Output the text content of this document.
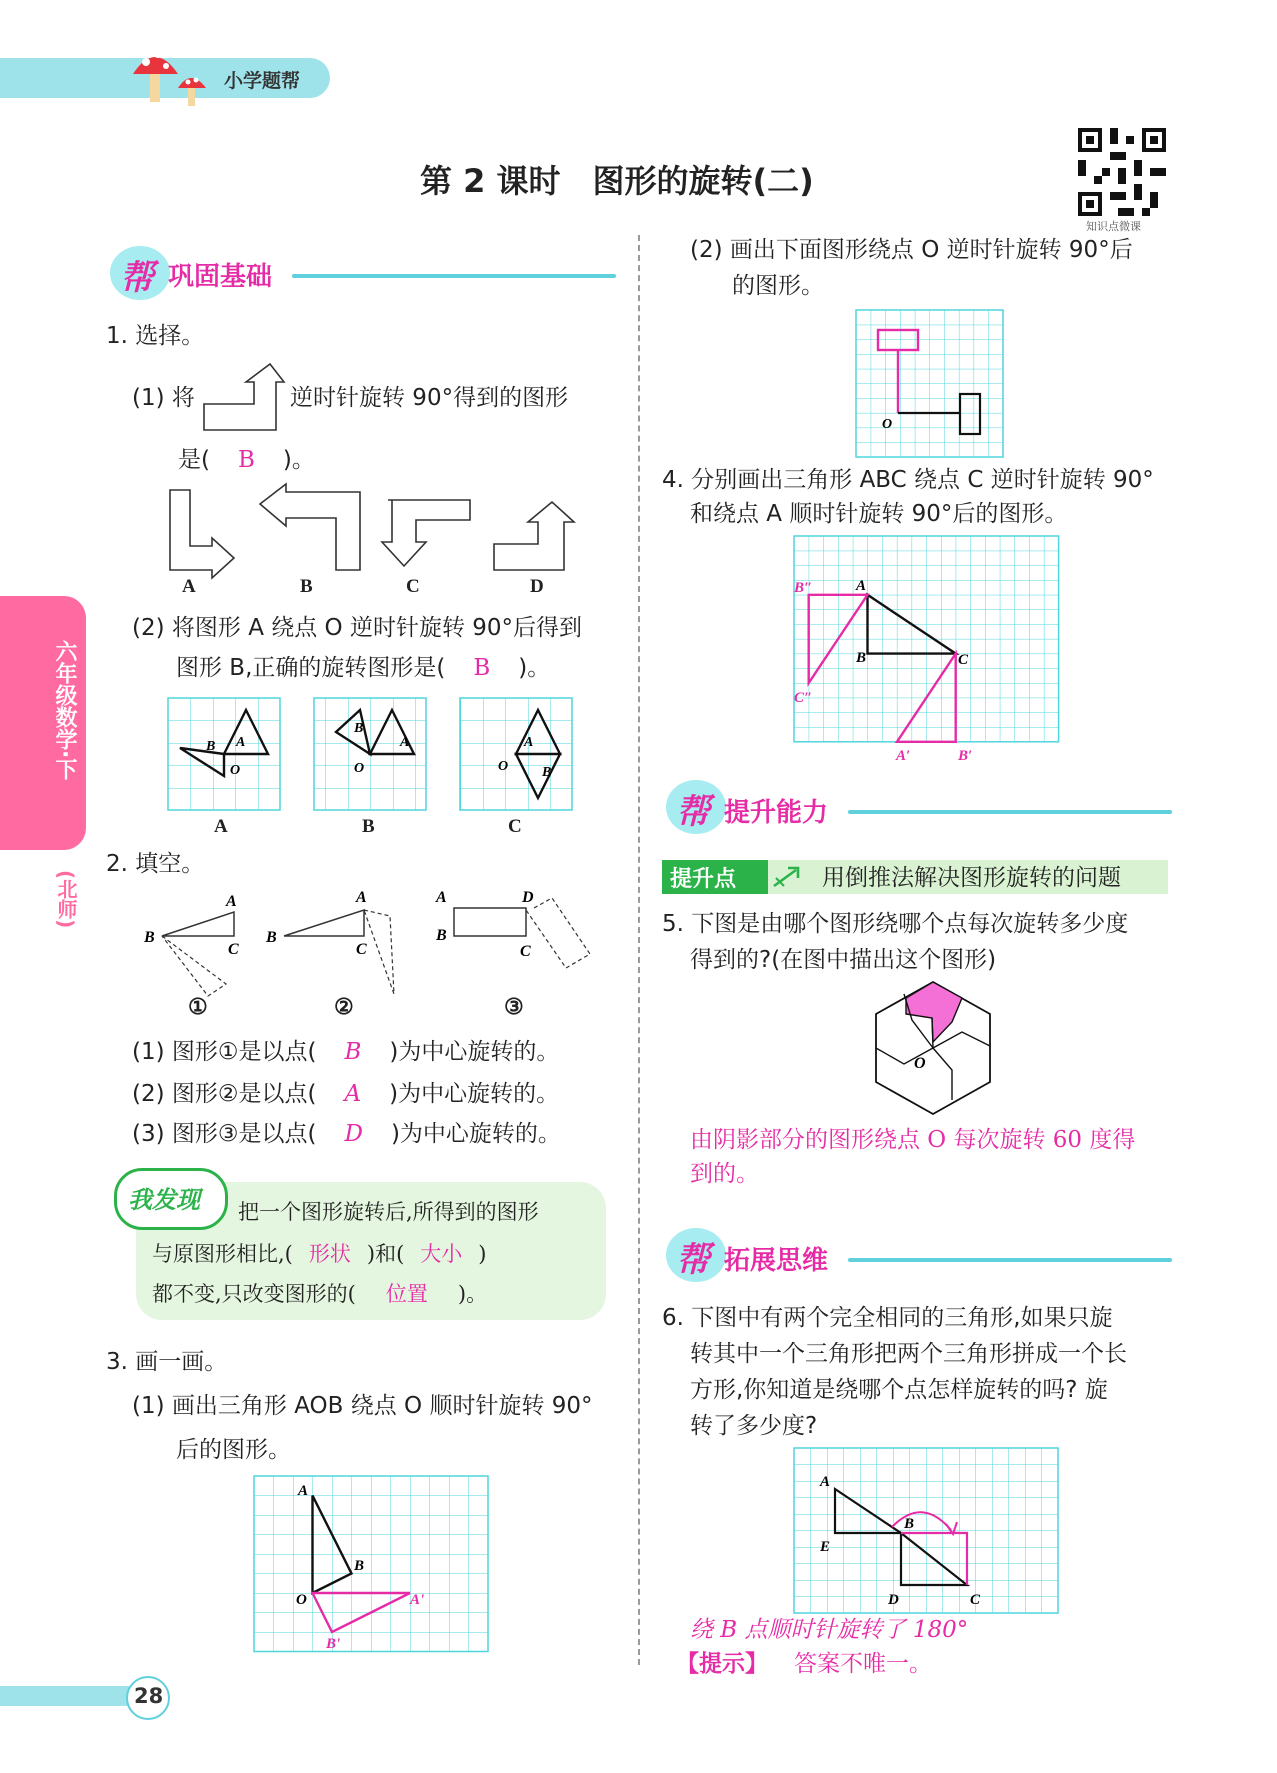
小学题帮
第 2 课时　图形的旋转(二)
知识点微课
六年级数学·下
(北师)
帮 巩固基础
1. 选择。
(1) 将	逆时针旋转 90°得到的图形
是( B )。
A	B	C	D
(2) 将图形 A 绕点 O 逆时针旋转 90°后得到
图形 B,正确的旋转图形是( B )。
B A
O
B
A
O
A
B
O
A	B	C
2. 填空。
B
A
C
B
A
C
A
B
D
C
①	②	③
(1) 图形①是以点( B )为中心旋转的。
(2) 图形②是以点( A )为中心旋转的。
(3) 图形③是以点( D )为中心旋转的。
我发现 把一个图形旋转后,所得到的图形
与原图形相比,( 形状 )和( 大小 )
都不变,只改变图形的( 位置 )。
3. 画一画。
(1) 画出三角形 AOB 绕点 O 顺时针旋转 90°
后的图形。
A
B
O	A'
B'
(2) 画出下面图形绕点 O 逆时针旋转 90°后
的图形。
O
4. 分别画出三角形 ABC 绕点 C 逆时针旋转 90°
和绕点 A 顺时针旋转 90°后的图形。
A
B	C
B″
C″
A′	B′
帮 提升能力
提升点	用倒推法解决图形旋转的问题
5. 下图是由哪个图形绕哪个点每次旋转多少度
得到的?(在图中描出这个图形)
O
由阴影部分的图形绕点 O 每次旋转 60 度得
到的。
帮 拓展思维
6. 下图中有两个完全相同的三角形,如果只旋
转其中一个三角形把两个三角形拼成一个长
方形,你知道是绕哪个点怎样旋转的吗? 旋
转了多少度?
A
E
B
D	C
绕 B 点顺时针旋转了 180°
【提示】 答案不唯一。
28
